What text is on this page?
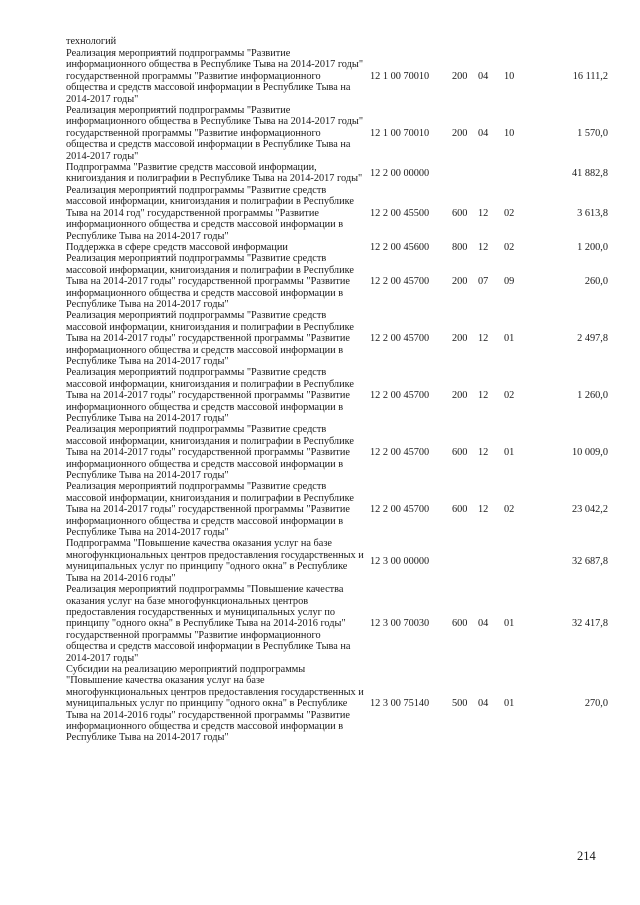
технологий
Реализация мероприятий подпрограммы "Развитие информационного общества в Республике Тыва на 2014-2017 годы" государственной программы "Развитие информационного общества и средств массовой информации в Республике Тыва на 2014-2017 годы"	12 1 00 70010	200	04	10	16 111,2
Реализация мероприятий подпрограммы "Развитие информационного общества в Республике Тыва на 2014-2017 годы" государственной программы "Развитие информационного общества и средств массовой информации в Республике Тыва на 2014-2017 годы"	12 1 00 70010	200	04	10	1 570,0
Подпрограмма "Развитие средств массовой информации, книгоиздания и полиграфии в Республике Тыва на 2014-2017 годы"	12 2 00 00000				41 882,8
Реализация мероприятий подпрограммы "Развитие средств массовой информации, книгоиздания и полиграфии в Республике Тыва на 2014 год" государственной программы "Развитие информационного общества и средств массовой информации в Республике Тыва на 2014-2017 годы"	12 2 00 45500	600	12	02	3 613,8
Поддержка в сфере средств массовой информации	12 2 00 45600	800	12	02	1 200,0
Реализация мероприятий подпрограммы "Развитие средств массовой информации, книгоиздания и полиграфии в Республике Тыва на 2014-2017 годы" государственной программы "Развитие информационного общества и средств массовой информации в Республике Тыва на 2014-2017 годы"	12 2 00 45700	200	07	09	260,0
Реализация мероприятий подпрограммы "Развитие средств массовой информации, книгоиздания и полиграфии в Республике Тыва на 2014-2017 годы" государственной программы "Развитие информационного общества и средств массовой информации в Республике Тыва на 2014-2017 годы"	12 2 00 45700	200	12	01	2 497,8
Реализация мероприятий подпрограммы "Развитие средств массовой информации, книгоиздания и полиграфии в Республике Тыва на 2014-2017 годы" государственной программы "Развитие информационного общества и средств массовой информации в Республике Тыва на 2014-2017 годы"	12 2 00 45700	200	12	02	1 260,0
Реализация мероприятий подпрограммы "Развитие средств массовой информации, книгоиздания и полиграфии в Республике Тыва на 2014-2017 годы" государственной программы "Развитие информационного общества и средств массовой информации в Республике Тыва на 2014-2017 годы"	12 2 00 45700	600	12	01	10 009,0
Реализация мероприятий подпрограммы "Развитие средств массовой информации, книгоиздания и полиграфии в Республике Тыва на 2014-2017 годы" государственной программы "Развитие информационного общества и средств массовой информации в Республике Тыва на 2014-2017 годы"	12 2 00 45700	600	12	02	23 042,2
Подпрограмма "Повышение качества оказания услуг на базе многофункциональных центров предоставления государственных и муниципальных услуг по принципу "одного окна" в Республике Тыва на 2014-2016 годы"	12 3 00 00000				32 687,8
Реализация мероприятий подпрограммы "Повышение качества оказания услуг на базе многофункциональных центров предоставления государственных и муниципальных услуг по принципу "одного окна" в Республике Тыва на 2014-2016 годы" государственной программы "Развитие информационного общества и средств массовой информации в Республике Тыва на 2014-2017 годы"	12 3 00 70030	600	04	01	32 417,8
Субсидии на реализацию мероприятий подпрограммы "Повышение качества оказания услуг на базе многофункциональных центров предоставления государственных и муниципальных услуг по принципу "одного окна" в Республике Тыва на 2014-2016 годы" государственной программы "Развитие информационного общества и средств массовой информации в Республике Тыва на 2014-2017 годы"	12 3 00 75140	500	04	01	270,0
214
